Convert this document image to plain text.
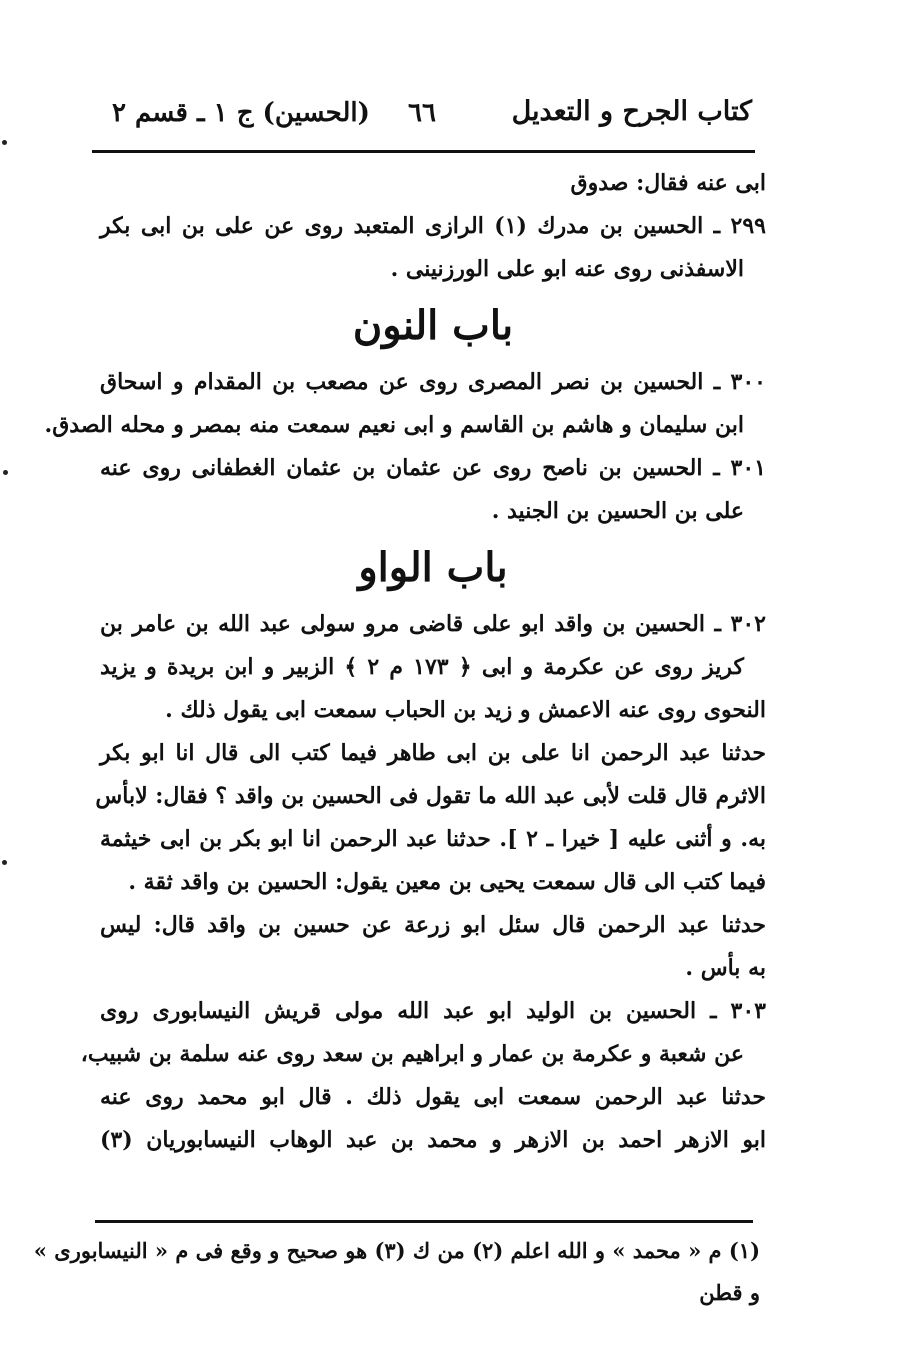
كتاب الجرح و التعديل
٦٦
(الحسين) ج ١ ـ قسم ٢
ابى عنه فقال: صدوق
٢٩٩ ـ الحسين بن مدرك (١) الرازى المتعبد روى عن على بن ابى بكر
الاسفذنى روى عنه ابو على الورزنينى .
باب النون
٣٠٠ ـ الحسين بن نصر المصرى روى عن مصعب بن المقدام و اسحاق
ابن سليمان و هاشم بن القاسم و ابى نعيم سمعت منه بمصر و محله الصدق.
٣٠١ ـ الحسين بن ناصح روى عن عثمان بن عثمان الغطفانى روى عنه
على بن الحسين بن الجنيد .
باب الواو
٣٠٢ ـ الحسين بن واقد ابو علی قاضی مرو سولی عبد الله بن عامر بن
كريز روى عن عكرمة و ابى ﴿ ١٧٣ م ٢ ﴾ الزبير و ابن بريدة و يزيد
النحوى روى عنه الاعمش و زيد بن الحباب سمعت ابى يقول ذلك .
حدثنا عبد الرحمن انا على بن ابى طاهر فيما كتب الى قال انا ابو بكر
الاثرم قال قلت لأبى عبد الله ما تقول فى الحسين بن واقد ؟ فقال: لابأس
به. و أثنى عليه [ خيرا ـ ٢ ]. حدثنا عبد الرحمن انا ابو بكر بن ابى خيثمة
فيما كتب الى قال سمعت يحيى بن معين يقول: الحسين بن واقد ثقة .
حدثنا عبد الرحمن قال سئل ابو زرعة عن حسين بن واقد قال: ليس
به بأس .
٣٠٣ ـ الحسين بن الوليد ابو عبد الله مولى قريش النيسابورى روى
عن شعبة و عكرمة بن عمار و ابراهيم بن سعد روى عنه سلمة بن شبيب،
حدثنا عبد الرحمن سمعت ابى يقول ذلك . قال ابو محمد روى عنه
ابو الازهر احمد بن الازهر و محمد بن عبد الوهاب النيسابوريان (٣)
(١) م « محمد » و الله اعلم (٢) من ك (٣) هو صحيح و وقع فى م « النيسابورى »
و قطن
